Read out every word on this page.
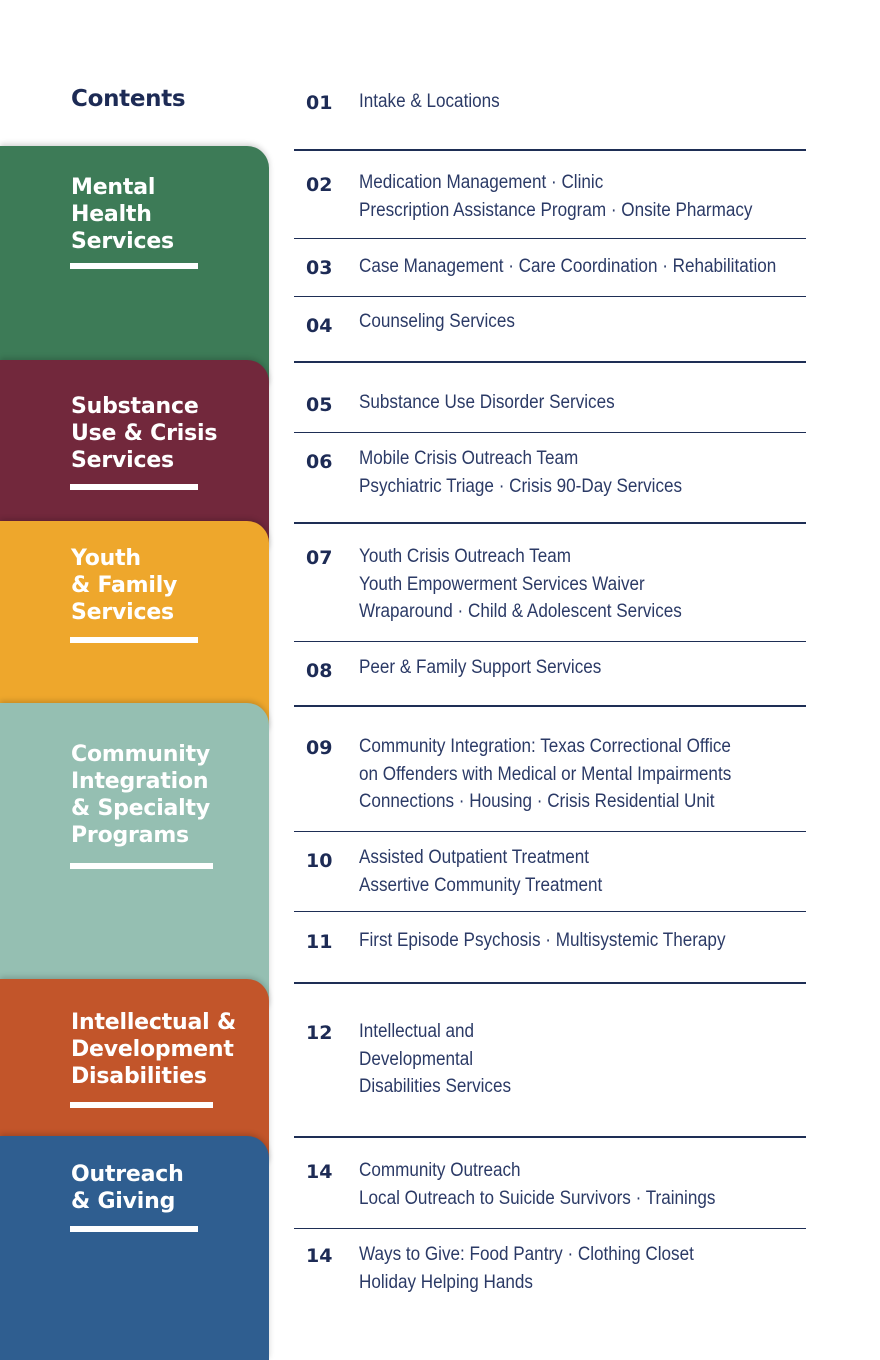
Contents
Mental
Health
Services
Substance
Use & Crisis
Services
Youth
& Family
Services
Community
Integration
& Specialty
Programs
Intellectual &
Development
Disabilities
Outreach
& Giving
01 Intake & Locations
02 Medication Management · Clinic
Prescription Assistance Program · Onsite Pharmacy
03 Case Management · Care Coordination · Rehabilitation
04 Counseling Services
05 Substance Use Disorder Services
06 Mobile Crisis Outreach Team
Psychiatric Triage · Crisis 90-Day Services
07 Youth Crisis Outreach Team
Youth Empowerment Services Waiver
Wraparound · Child & Adolescent Services
08 Peer & Family Support Services
09 Community Integration: Texas Correctional Office
on Offenders with Medical or Mental Impairments
Connections · Housing · Crisis Residential Unit
10 Assisted Outpatient Treatment
Assertive Community Treatment
11 First Episode Psychosis · Multisystemic Therapy
12 Intellectual and
Developmental
Disabilities Services
14 Community Outreach
Local Outreach to Suicide Survivors · Trainings
14 Ways to Give: Food Pantry · Clothing Closet
Holiday Helping Hands
